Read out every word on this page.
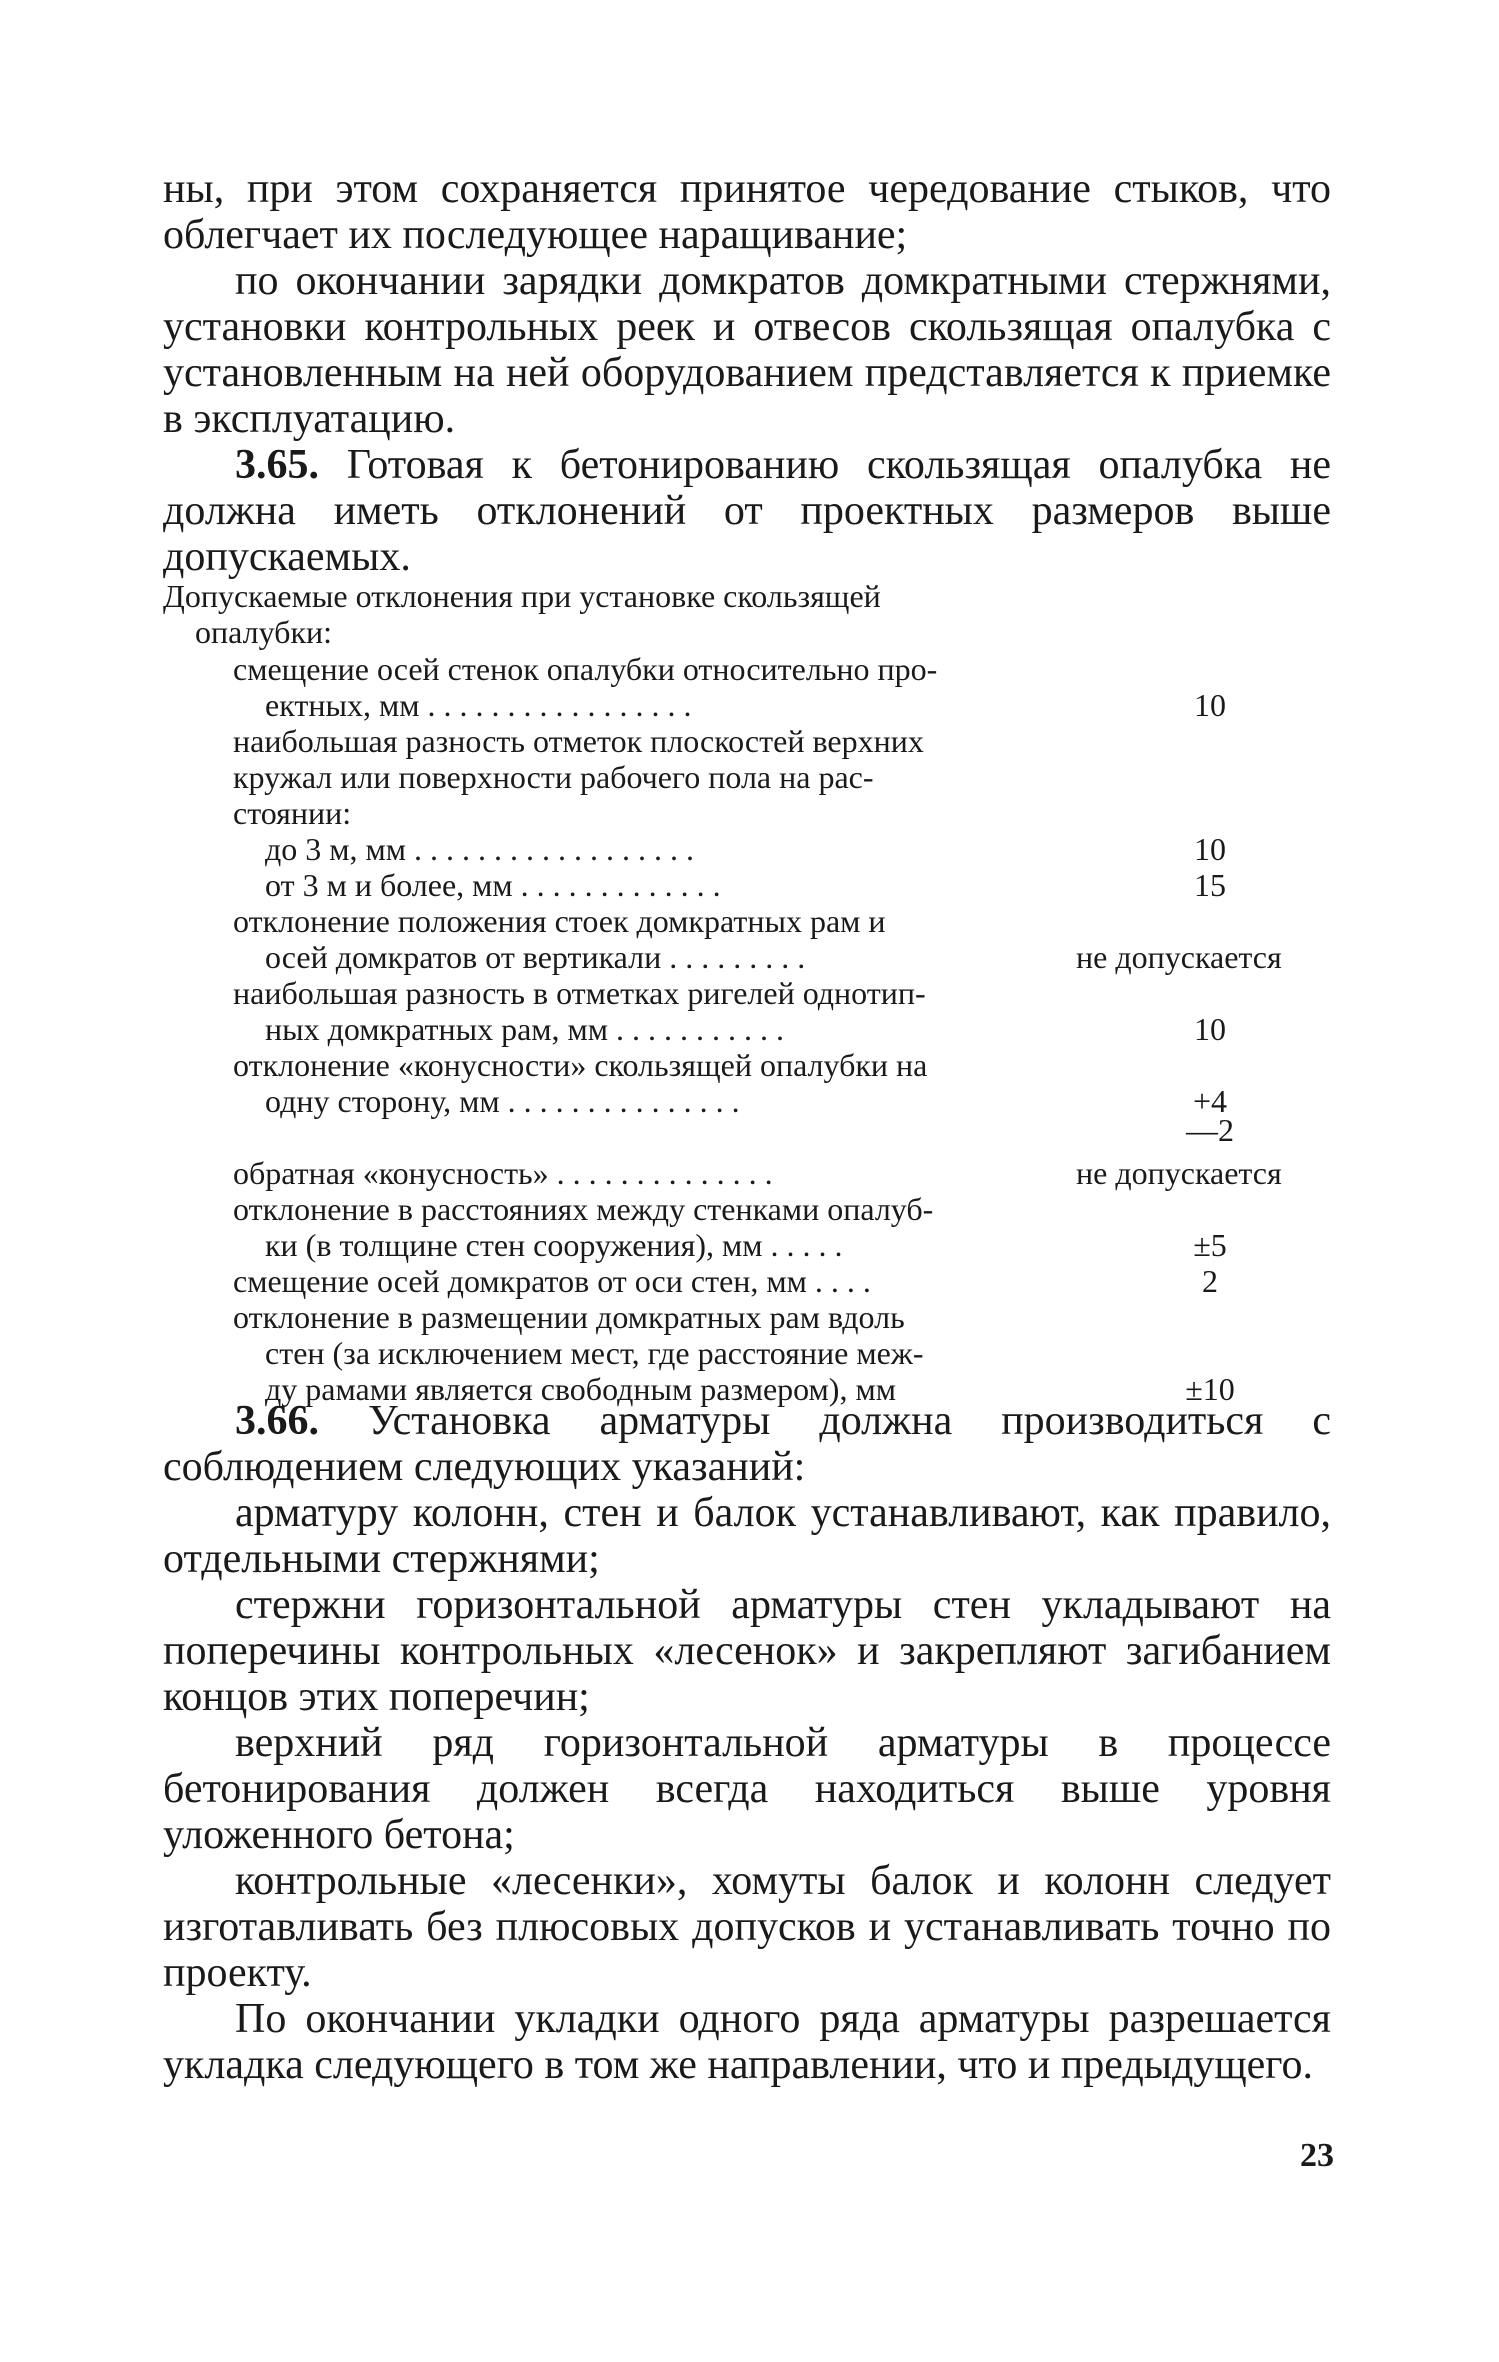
ны, при этом сохраняется принятое чередование стыков, что облегчает их последующее наращивание;

по окончании зарядки домкратов домкратными стержнями, установки контрольных реек и отвесов скользящая опалубка с установленным на ней оборудованием представляется к приемке в эксплуатацию.

3.65. Готовая к бетонированию скользящая опалубка не должна иметь отклонений от проектных размеров выше допускаемых.

Допускаемые отклонения при установке скользящей
опалубки:
смещение осей стенок опалубки относительно про-
ектных, мм . . . . . . . . . . . . . . . . .	10
наибольшая разность отметок плоскостей верхних
кружал или поверхности рабочего пола на рас-
стоянии:
до 3 м, мм . . . . . . . . . . . . . . . . . .	10
от 3 м и более, мм . . . . . . . . . . . . .	15
отклонение положения стоек домкратных рам и
осей домкратов от вертикали . . . . . . . . .	не допускается
наибольшая разность в отметках ригелей однотип-
ных домкратных рам, мм . . . . . . . . . . .	10
отклонение «конусности» скользящей опалубки на
одну сторону, мм . . . . . . . . . . . . . . .	+4
—2
обратная «конусность» . . . . . . . . . . . . . .	не допускается
отклонение в расстояниях между стенками опалуб-
ки (в толщине стен сооружения), мм . . . . .	±5
смещение осей домкратов от оси стен, мм . . . .	2
отклонение в размещении домкратных рам вдоль
стен (за исключением мест, где расстояние меж-
ду рамами является свободным размером), мм	±10

3.66. Установка арматуры должна производиться с соблюдением следующих указаний:

арматуру колонн, стен и балок устанавливают, как правило, отдельными стержнями;

стержни горизонтальной арматуры стен укладывают на поперечины контрольных «лесенок» и закрепляют загибанием концов этих поперечин;

верхний ряд горизонтальной арматуры в процессе бетонирования должен всегда находиться выше уровня уложенного бетона;

контрольные «лесенки», хомуты балок и колонн следует изготавливать без плюсовых допусков и устанавливать точно по проекту.

По окончании укладки одного ряда арматуры разрешается укладка следующего в том же направлении, что и предыдущего.

23
